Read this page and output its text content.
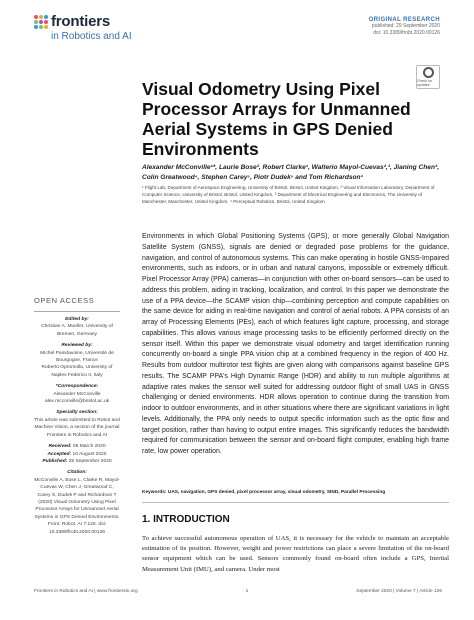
frontiers
in Robotics and AI
ORIGINAL RESEARCH
published: 29 September 2020
doi: 10.3389/frobt.2020.00126
Check for updates
Visual Odometry Using Pixel Processor Arrays for Unmanned Aerial Systems in GPS Denied Environments
Alexander McConville¹*, Laurie Bose², Robert Clarke¹, Walterio Mayol-Cuevas²,³, Jianing Chen³, Colin Greatwood⁴, Stephen Carey⁵, Piotr Dudek⁵ and Tom Richardson¹
¹ Flight Lab, Department of Aerospace Engineering, University of Bristol, Bristol, United Kingdom, ² Visual Information Laboratory, Department of Computer Science, University of Bristol, Bristol, United Kingdom, ³ Department of Electrical Engineering and Electronics, The University of Manchester, Manchester, United Kingdom, ⁴ Perceptual Robotics, Bristol, United Kingdom
Environments in which Global Positioning Systems (GPS), or more generally Global Navigation Satellite System (GNSS), signals are denied or degraded pose problems for the guidance, navigation, and control of autonomous systems. This can make operating in hostile GNSS-Impaired environments, such as indoors, or in urban and natural canyons, impossible or extremely difficult. Pixel Processor Array (PPA) cameras—in conjunction with other on-board sensors—can be used to address this problem, aiding in tracking, localization, and control. In this paper we demonstrate the use of a PPA device—the SCAMP vision chip—combining perception and compute capabilities on the same device for aiding in real-time navigation and control of aerial robots. A PPA consists of an array of Processing Elements (PEs), each of which features light capture, processing, and storage capabilities. This allows various image processing tasks to be efficiently performed directly on the sensor itself. Within this paper we demonstrate visual odometry and target identification running concurrently on-board a single PPA vision chip at a combined frequency in the region of 400 Hz. Results from outdoor multirotor test flights are given along with comparisons against baseline GPS results. The SCAMP PPA's High Dynamic Range (HDR) and ability to run multiple algorithms at adaptive rates makes the sensor well suited for addressing outdoor flight of small UAS in GNSS challenging or denied environments. HDR allows operation to continue during the transition from indoor to outdoor environments, and in other situations where there are significant variations in light levels. Additionally, the PPA only needs to output specific information such as the optic flow and target position, rather than having to output entire images. This significantly reduces the bandwidth required for communication between the sensor and on-board flight computer, enabling high frame rate, low power operation.
Keywords: UAS, navigation, GPS denied, pixel processor array, visual odometry, SIND, Parallel Processing
1. INTRODUCTION
To achieve successful autonomous operation of UAS, it is necessary for the vehicle to maintain an acceptable estimation of its position. However, weight and power restrictions can place a severe limitation of the on-board sensor equipment which can be used. Sensors commonly found on-board often include a GPS, Inertial Measurement Unit (IMU), and camera. Under most
OPEN ACCESS
Edited by:
Christian A. Mueller, University of Bremen, Germany
Reviewed by:
Michel Paindavoine, Université de Bourgogne, France
Roberto Opromolla, University of Naples Federico II, Italy
*Correspondence:
Alexander McConville
alex.mcconville@bristol.ac.uk
Specialty section:
This article was submitted to Robot and Machine Vision, a section of the journal Frontiers in Robotics and AI
Received: 09 March 2020
Accepted: 10 August 2020
Published: 29 September 2020
Citation:
McConville A, Bose L, Clarke R, Mayol-Cuevas W, Chen J, Greatwood C, Carey S, Dudek P and Richardson T (2020) Visual Odometry Using Pixel Processor Arrays for Unmanned Aerial Systems in GPS Denied Environments. Front. Robot. AI 7:126. doi: 10.3389/frobt.2020.00126
Frontiers in Robotics and AI | www.frontiersin.org	1	September 2020 | Volume 7 | Article 126
